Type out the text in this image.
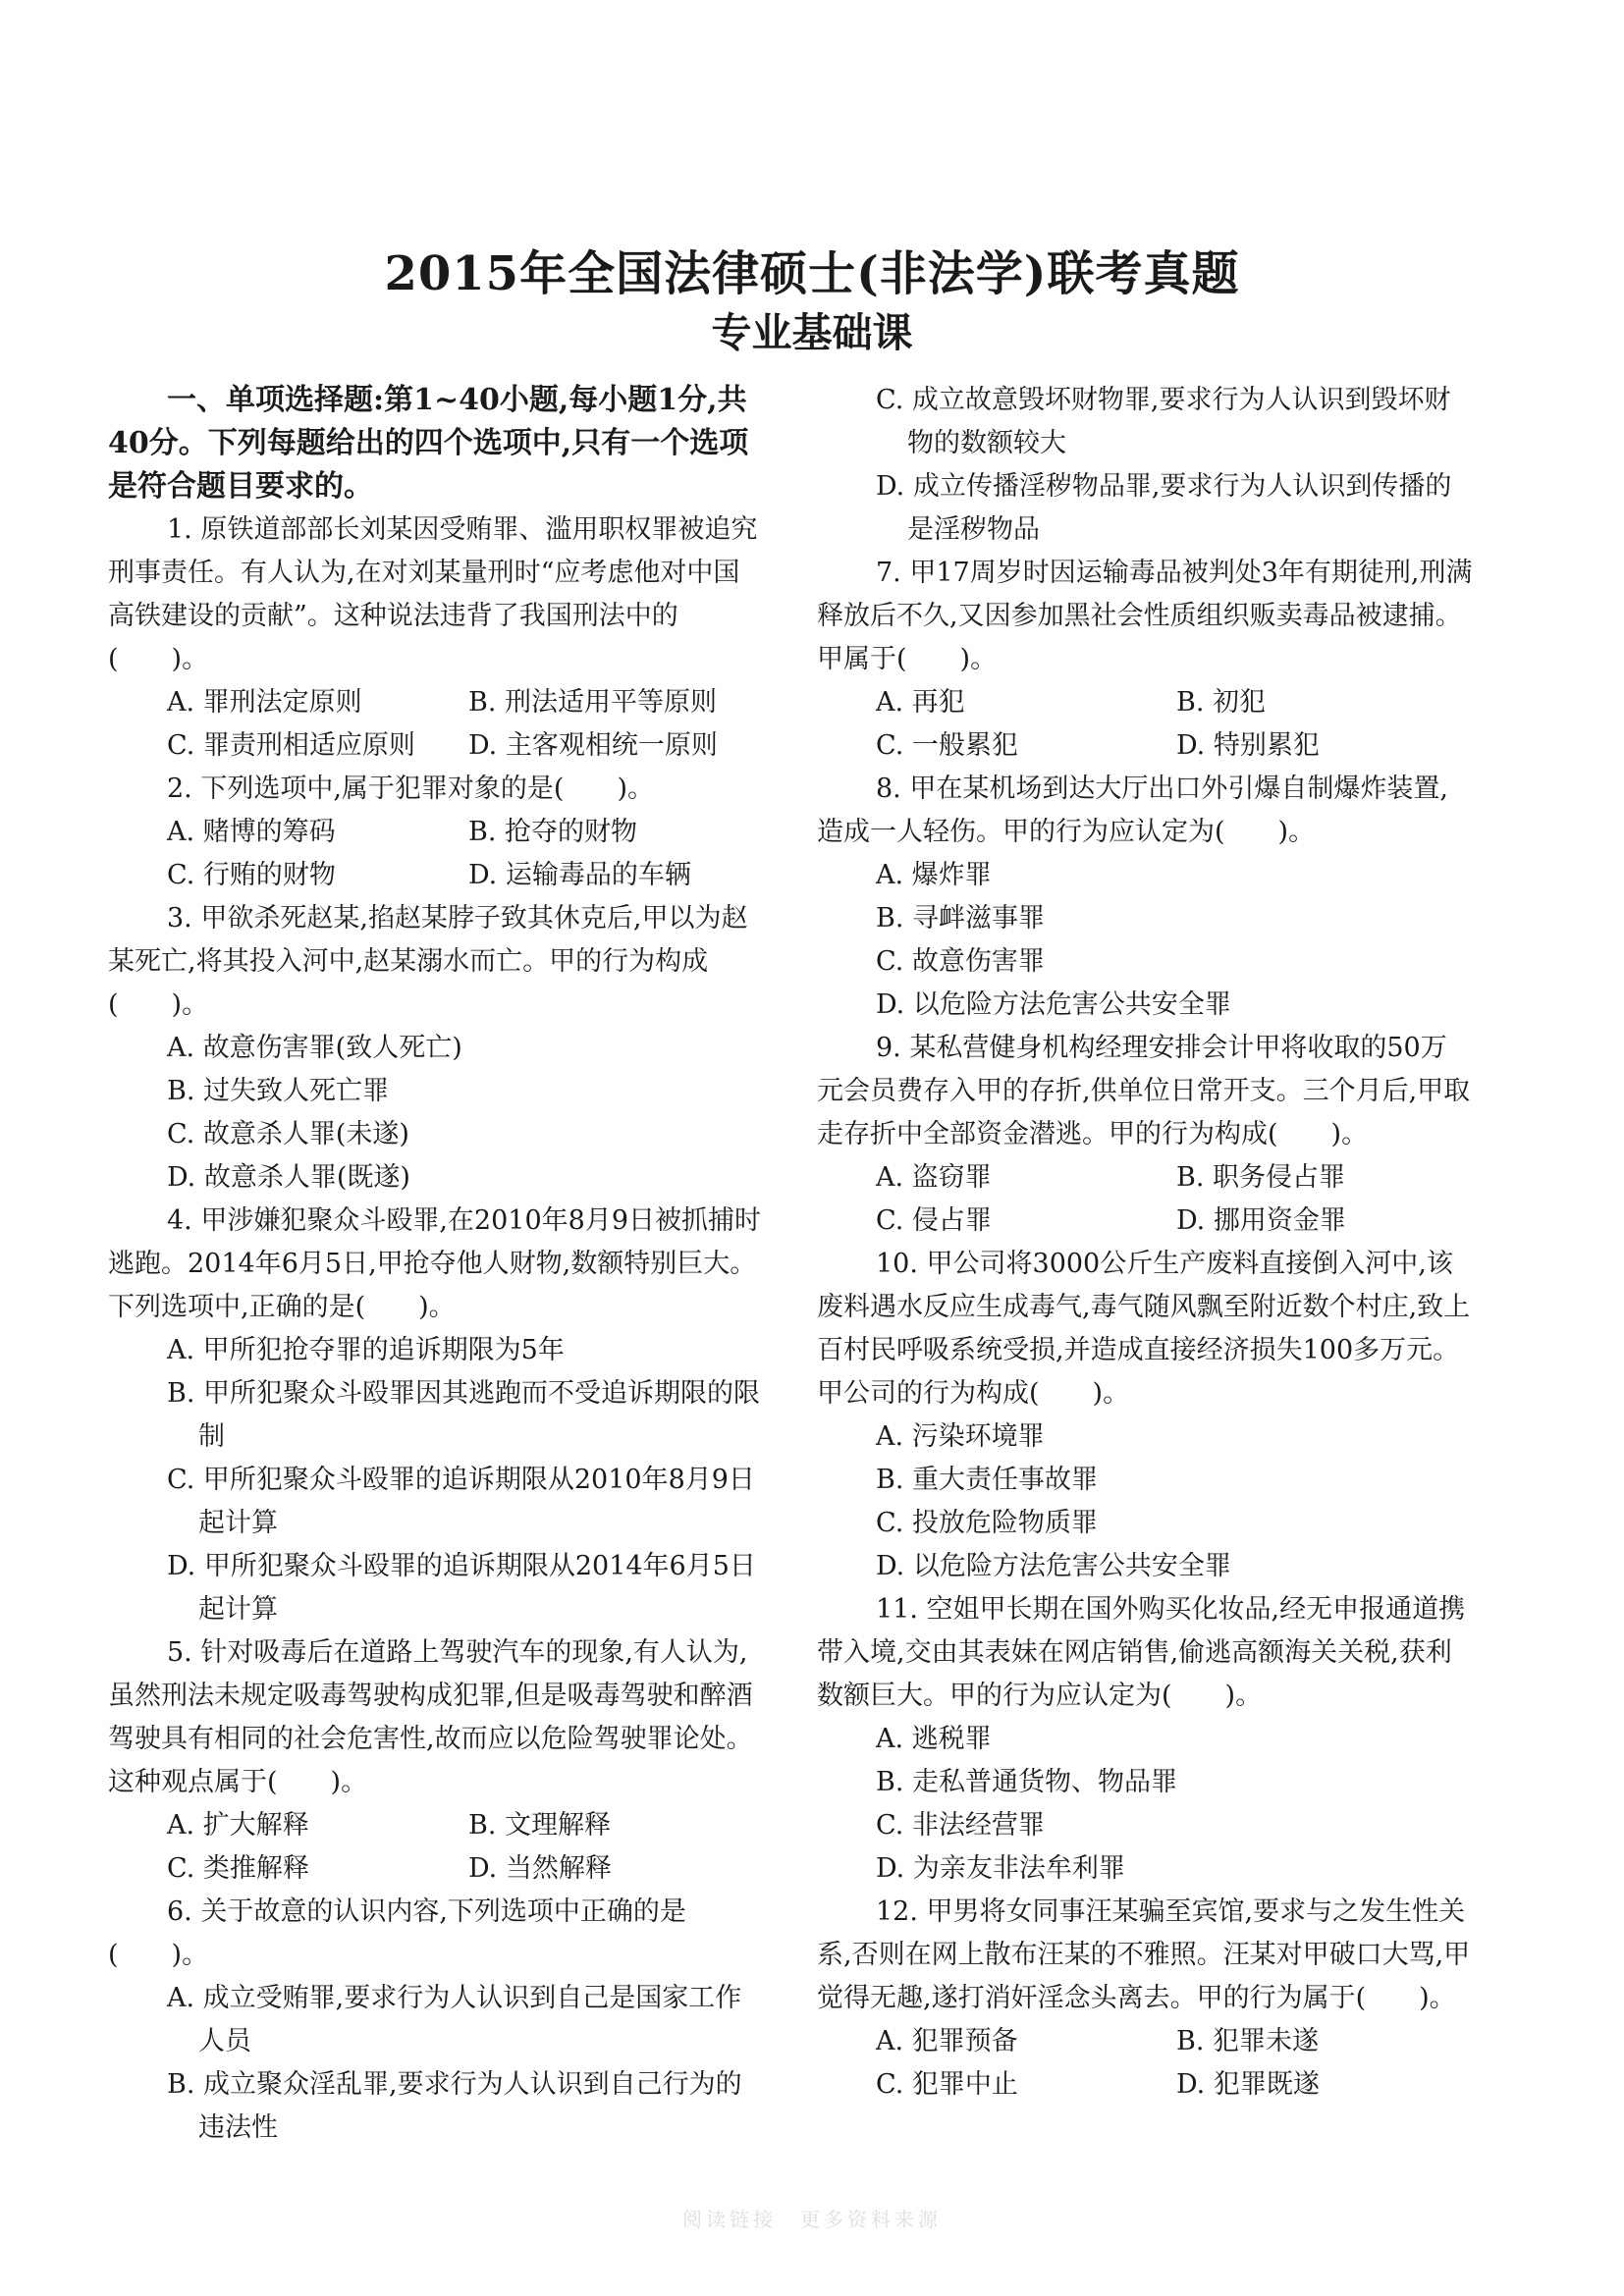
2015年全国法律硕士(非法学)联考真题
专业基础课
一、单项选择题:第1~40小题,每小题1分,共40分。下列每题给出的四个选项中,只有一个选项是符合题目要求的。
1. 原铁道部部长刘某因受贿罪、滥用职权罪被追究刑事责任。有人认为,在对刘某量刑时“应考虑他对中国高铁建设的贡献”。这种说法违背了我国刑法中的(　　)。
A. 罪刑法定原则	B. 刑法适用平等原则
C. 罪责刑相适应原则	D. 主客观相统一原则
2. 下列选项中,属于犯罪对象的是(　　)。
A. 赌博的筹码	B. 抢夺的财物
C. 行贿的财物	D. 运输毒品的车辆
3. 甲欲杀死赵某,掐赵某脖子致其休克后,甲以为赵某死亡,将其投入河中,赵某溺水而亡。甲的行为构成(　　)。
A. 故意伤害罪(致人死亡)
B. 过失致人死亡罪
C. 故意杀人罪(未遂)
D. 故意杀人罪(既遂)
4. 甲涉嫌犯聚众斗殴罪,在2010年8月9日被抓捕时逃跑。2014年6月5日,甲抢夺他人财物,数额特别巨大。下列选项中,正确的是(　　)。
A. 甲所犯抢夺罪的追诉期限为5年
B. 甲所犯聚众斗殴罪因其逃跑而不受追诉期限的限制
C. 甲所犯聚众斗殴罪的追诉期限从2010年8月9日起计算
D. 甲所犯聚众斗殴罪的追诉期限从2014年6月5日起计算
5. 针对吸毒后在道路上驾驶汽车的现象,有人认为,虽然刑法未规定吸毒驾驶构成犯罪,但是吸毒驾驶和醉酒驾驶具有相同的社会危害性,故而应以危险驾驶罪论处。这种观点属于(　　)。
A. 扩大解释	B. 文理解释
C. 类推解释	D. 当然解释
6. 关于故意的认识内容,下列选项中正确的是(　　)。
A. 成立受贿罪,要求行为人认识到自己是国家工作人员
B. 成立聚众淫乱罪,要求行为人认识到自己行为的违法性
C. 成立故意毁坏财物罪,要求行为人认识到毁坏财物的数额较大
D. 成立传播淫秽物品罪,要求行为人认识到传播的是淫秽物品
7. 甲17周岁时因运输毒品被判处3年有期徒刑,刑满释放后不久,又因参加黑社会性质组织贩卖毒品被逮捕。甲属于(　　)。
A. 再犯	B. 初犯
C. 一般累犯	D. 特别累犯
8. 甲在某机场到达大厅出口外引爆自制爆炸装置,造成一人轻伤。甲的行为应认定为(　　)。
A. 爆炸罪
B. 寻衅滋事罪
C. 故意伤害罪
D. 以危险方法危害公共安全罪
9. 某私营健身机构经理安排会计甲将收取的50万元会员费存入甲的存折,供单位日常开支。三个月后,甲取走存折中全部资金潜逃。甲的行为构成(　　)。
A. 盗窃罪	B. 职务侵占罪
C. 侵占罪	D. 挪用资金罪
10. 甲公司将3000公斤生产废料直接倒入河中,该废料遇水反应生成毒气,毒气随风飘至附近数个村庄,致上百村民呼吸系统受损,并造成直接经济损失100多万元。甲公司的行为构成(　　)。
A. 污染环境罪
B. 重大责任事故罪
C. 投放危险物质罪
D. 以危险方法危害公共安全罪
11. 空姐甲长期在国外购买化妆品,经无申报通道携带入境,交由其表妹在网店销售,偷逃高额海关关税,获利数额巨大。甲的行为应认定为(　　)。
A. 逃税罪
B. 走私普通货物、物品罪
C. 非法经营罪
D. 为亲友非法牟利罪
12. 甲男将女同事汪某骗至宾馆,要求与之发生性关系,否则在网上散布汪某的不雅照。汪某对甲破口大骂,甲觉得无趣,遂打消奸淫念头离去。甲的行为属于(　　)。
A. 犯罪预备	B. 犯罪未遂
C. 犯罪中止	D. 犯罪既遂
阅读链接　更多资料来源
